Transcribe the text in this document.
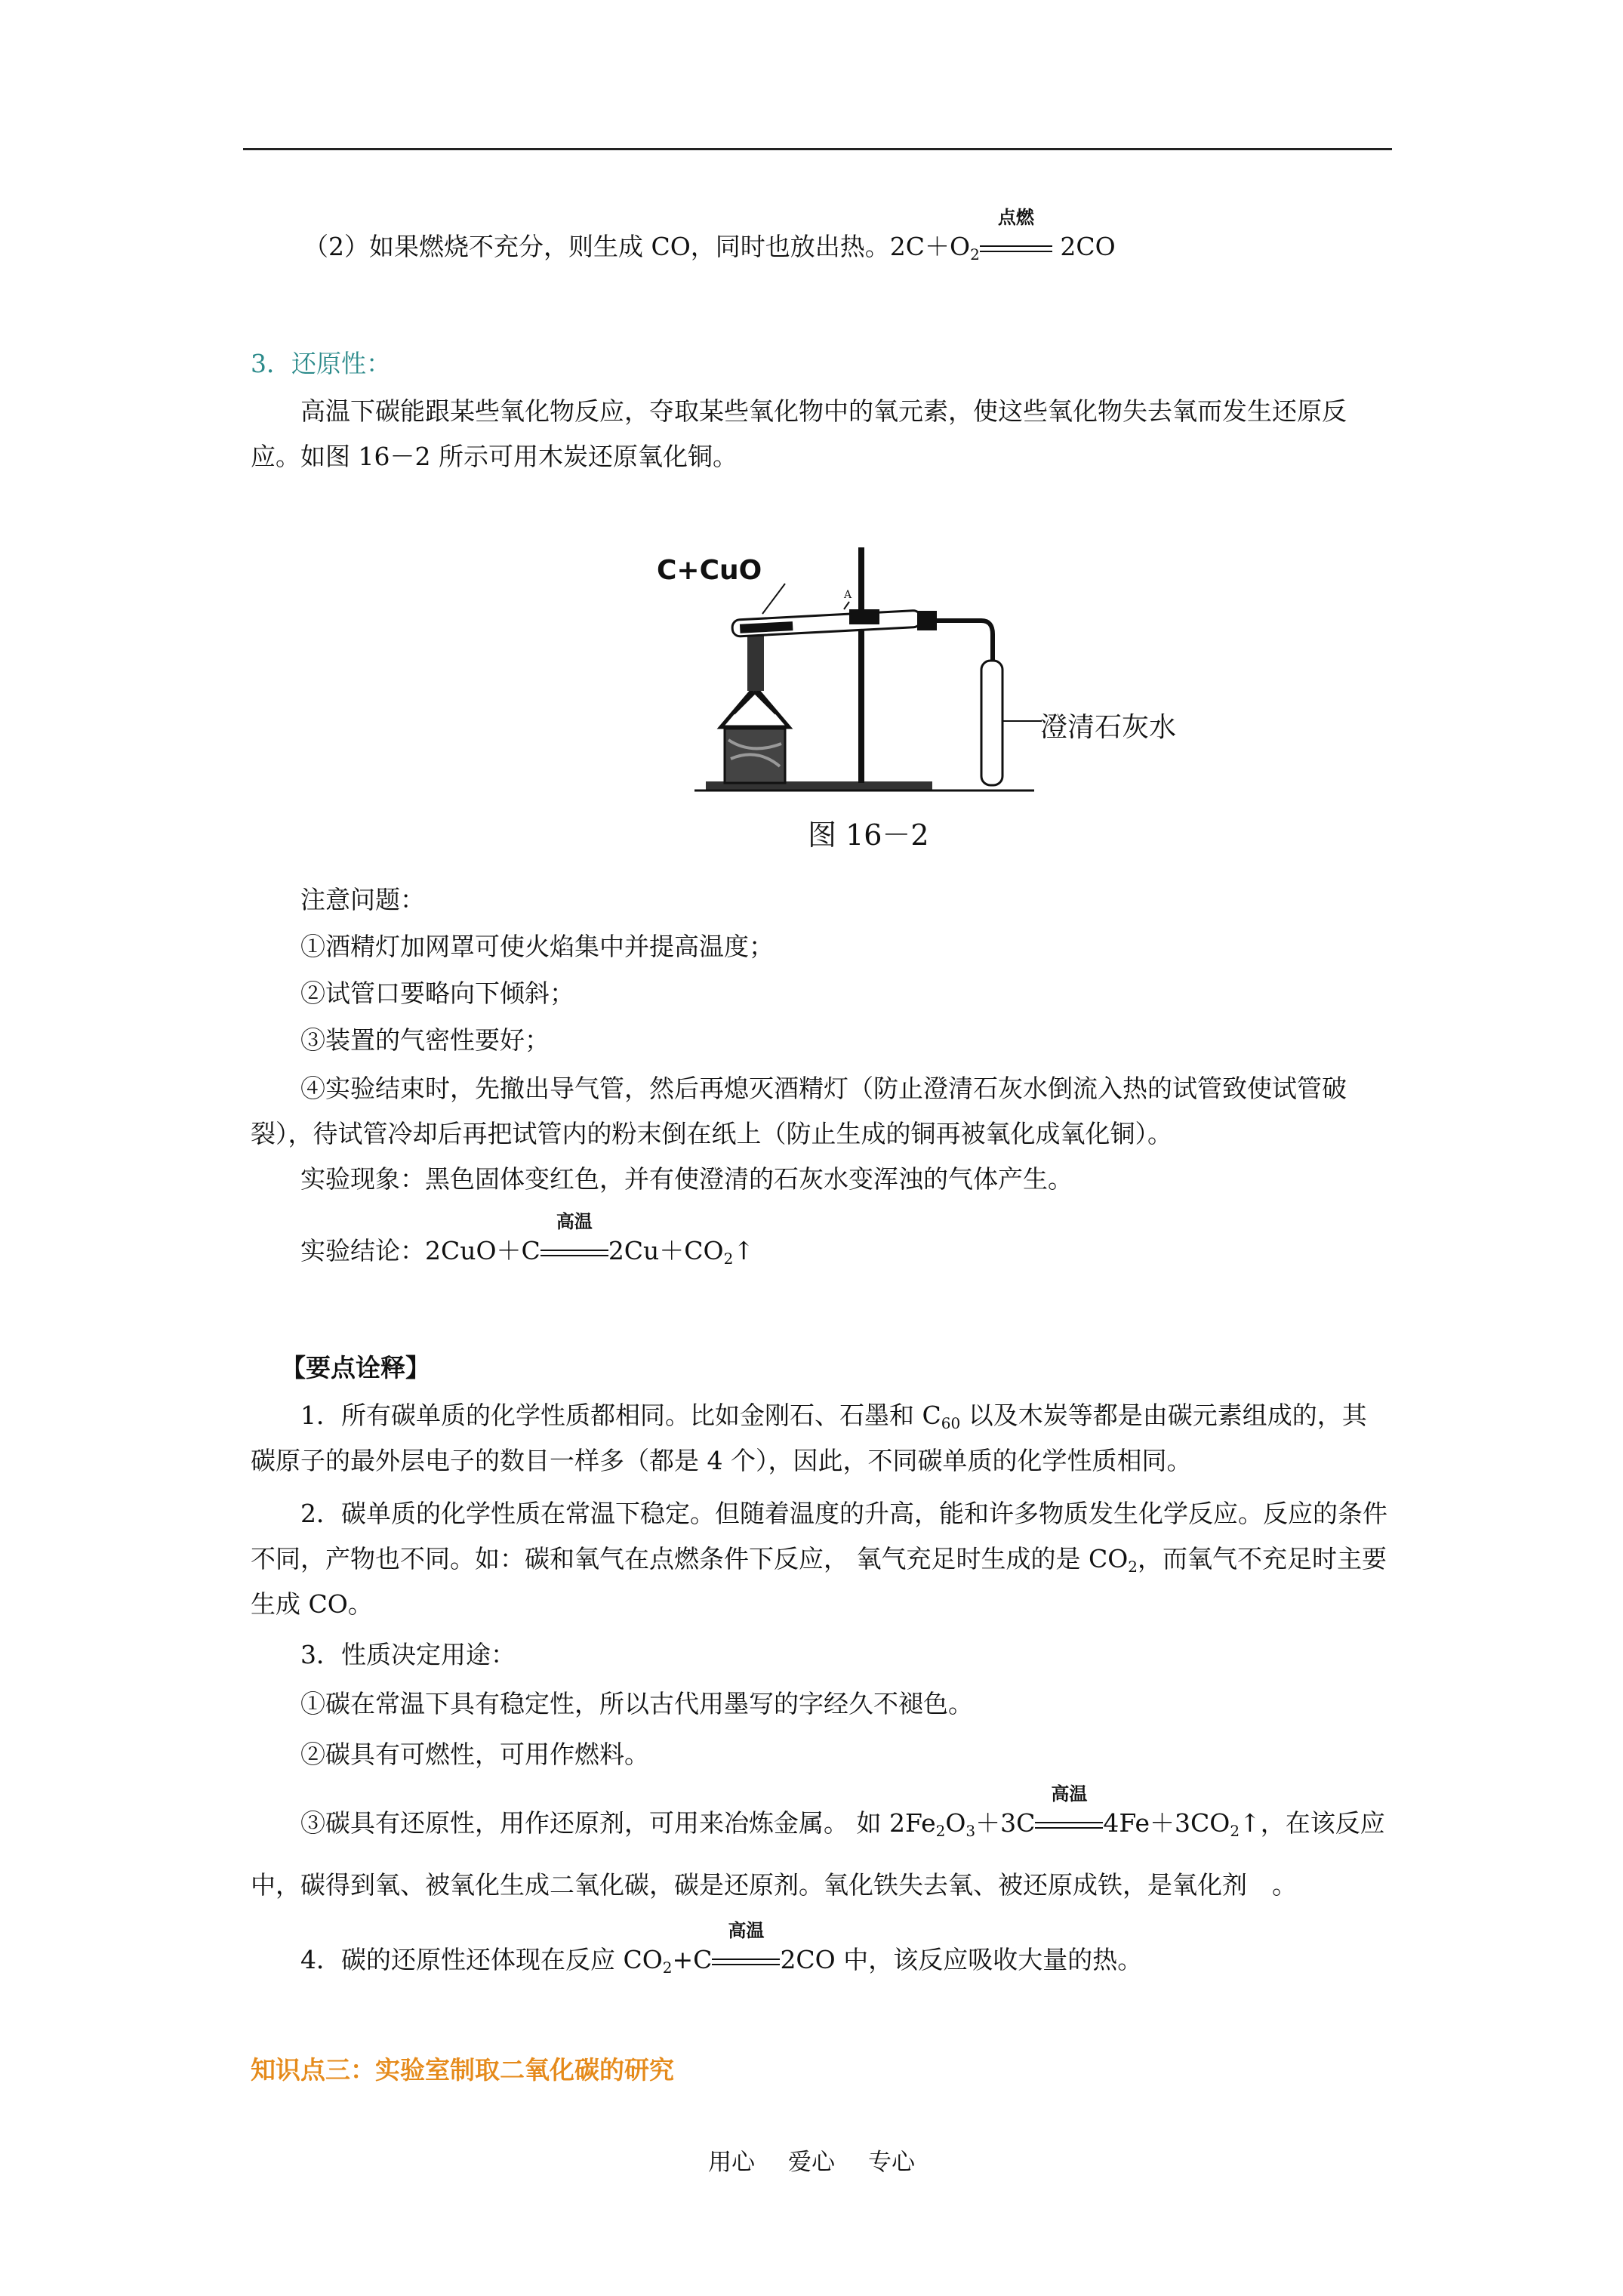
（2）如果燃烧不充分，则生成 CO，同时也放出热。$2C+O_2$
点燃
2CO
3．还原性：
高温下碳能跟某些氧化物反应，夺取某些氧化物中的氧元素，使这些氧化物失去氧而发生还原反应。如图 16－2 所示可用木炭还原氧化铜。
C+CuO
A
澄清石灰水
图 16－2
注意问题：
①酒精灯加网罩可使火焰集中并提高温度；
②试管口要略向下倾斜；
③装置的气密性要好；
④实验结束时，先撤出导气管，然后再熄灭酒精灯（防止澄清石灰水倒流入热的试管致使试管破裂），待试管冷却后再把试管内的粉末倒在纸上（防止生成的铜再被氧化成氧化铜）。
实验现象：黑色固体变红色，并有使澄清的石灰水变浑浊的气体产生。
实验结论：2CuO＋C
高温
$2Cu+CO_2↑$
【要点诠释】
1．所有碳单质的化学性质都相同。比如金刚石、石墨和 $C_{60}$ 以及木炭等都是由碳元素组成的，其碳原子的最外层电子的数目一样多（都是 4 个），因此，不同碳单质的化学性质相同。
2．碳单质的化学性质在常温下稳定。但随着温度的升高，能和许多物质发生化学反应。反应的条件不同，产物也不同。如：碳和氧气在点燃条件下反应， 氧气充足时生成的是 $CO_2$，而氧气不充足时主要生成 CO。
3．性质决定用途：
①碳在常温下具有稳定性，所以古代用墨写的字经久不褪色。
②碳具有可燃性，可用作燃料。
③碳具有还原性，用作还原剂，可用来冶炼金属。 如 $2Fe_2O_3+3C$
高温
$4Fe+3CO_2↑$，在该反应
中，碳得到氧、被氧化生成二氧化碳，碳是还原剂。氧化铁失去氧、被还原成铁，是氧化剂　。
4．碳的还原性还体现在反应 $CO_2+C$
高温
2CO 中，该反应吸收大量的热。
知识点三：实验室制取二氧化碳的研究
用心 爱心 专心
